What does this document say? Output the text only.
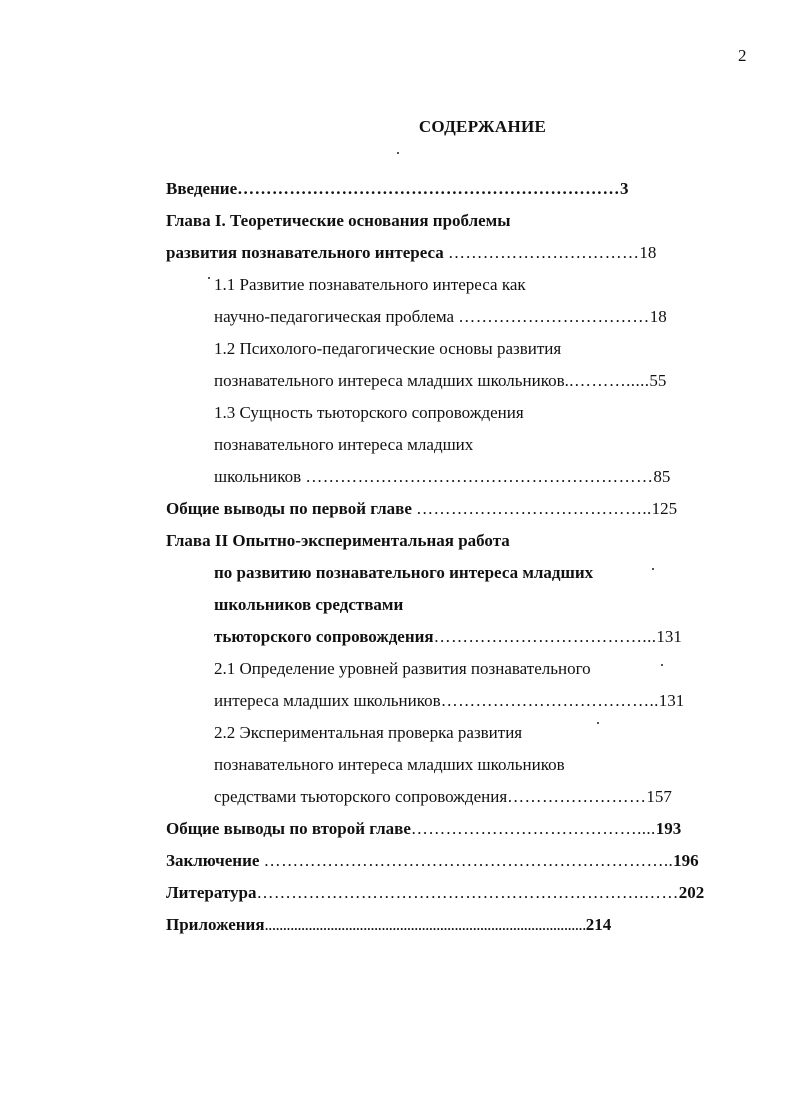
2
СОДЕРЖАНИЕ
Введение…………………………………………………………3
Глава I. Теоретические основания проблемы
развития познавательного интереса ……………………………18
1.1 Развитие познавательного интереса как
научно-педагогическая проблема ……………………………18
1.2 Психолого-педагогические основы развития
познавательного интереса младших школьников..……….....55
1.3 Сущность тьюторского сопровождения
познавательного интереса младших
школьников ……………………………………………………85
Общие выводы по первой главе …………………………………..125
Глава II Опытно-экспериментальная работа
по развитию познавательного интереса младших
школьников средствами
тьюторского сопровождения………………………………...131
2.1 Определение уровней развития познавательного
интереса младших школьников………………………………..131
2.2 Экспериментальная проверка развития
познавательного интереса младших школьников
средствами тьюторского сопровождения……………………157
Общие выводы по второй главе…………………………………....193
Заключение ……………………………………………………………..196
Литература………………………………………………………….……202
Приложения........................................................................................214
